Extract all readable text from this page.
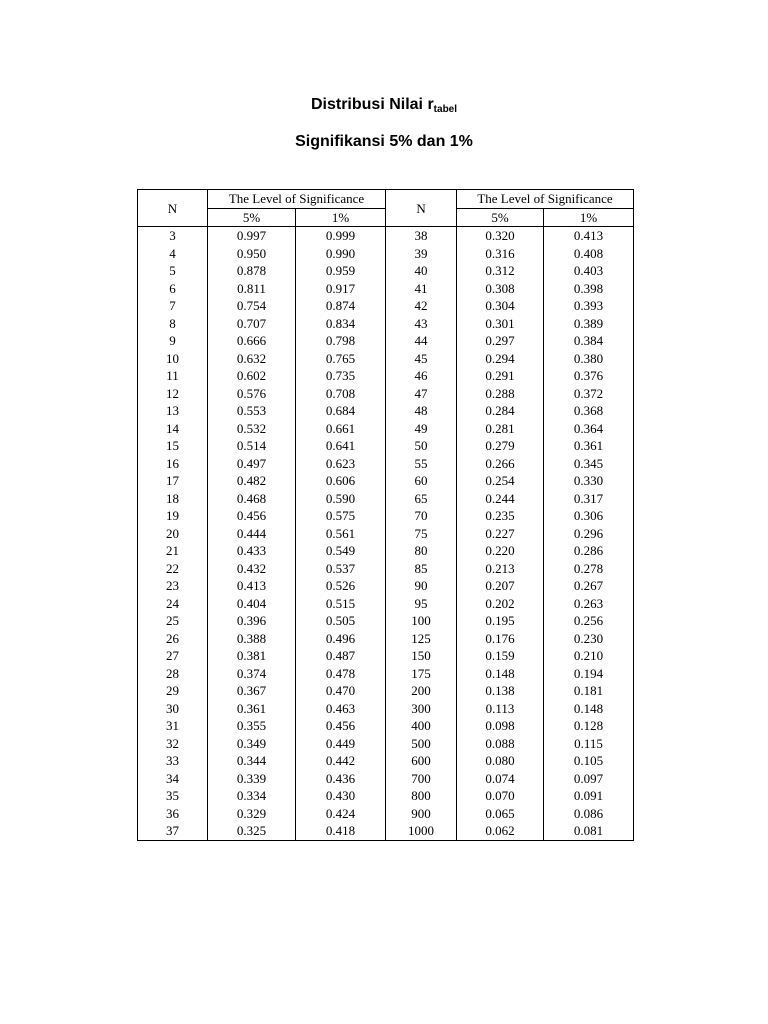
Distribusi Nilai rtabel
Signifikansi 5% dan 1%
N	The Level of Significance		N	The Level of Significance	
	5%	1%		5%	1%
3	0.997	0.999	38	0.320	0.413
4	0.950	0.990	39	0.316	0.408
5	0.878	0.959	40	0.312	0.403
6	0.811	0.917	41	0.308	0.398
7	0.754	0.874	42	0.304	0.393
8	0.707	0.834	43	0.301	0.389
9	0.666	0.798	44	0.297	0.384
10	0.632	0.765	45	0.294	0.380
11	0.602	0.735	46	0.291	0.376
12	0.576	0.708	47	0.288	0.372
13	0.553	0.684	48	0.284	0.368
14	0.532	0.661	49	0.281	0.364
15	0.514	0.641	50	0.279	0.361
16	0.497	0.623	55	0.266	0.345
17	0.482	0.606	60	0.254	0.330
18	0.468	0.590	65	0.244	0.317
19	0.456	0.575	70	0.235	0.306
20	0.444	0.561	75	0.227	0.296
21	0.433	0.549	80	0.220	0.286
22	0.432	0.537	85	0.213	0.278
23	0.413	0.526	90	0.207	0.267
24	0.404	0.515	95	0.202	0.263
25	0.396	0.505	100	0.195	0.256
26	0.388	0.496	125	0.176	0.230
27	0.381	0.487	150	0.159	0.210
28	0.374	0.478	175	0.148	0.194
29	0.367	0.470	200	0.138	0.181
30	0.361	0.463	300	0.113	0.148
31	0.355	0.456	400	0.098	0.128
32	0.349	0.449	500	0.088	0.115
33	0.344	0.442	600	0.080	0.105
34	0.339	0.436	700	0.074	0.097
35	0.334	0.430	800	0.070	0.091
36	0.329	0.424	900	0.065	0.086
37	0.325	0.418	1000	0.062	0.081
